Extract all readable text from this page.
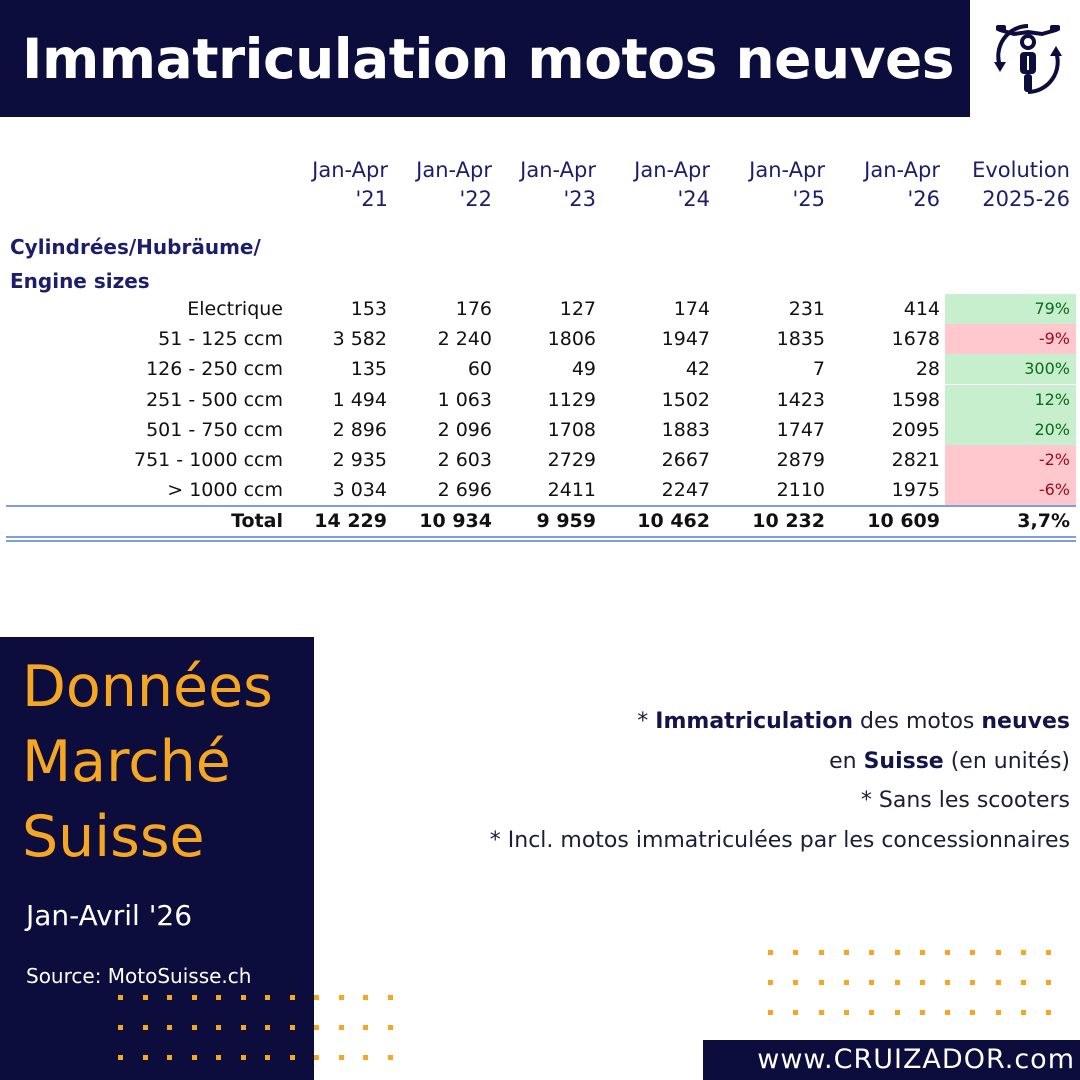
Immatriculation motos neuves
Jan-Apr
'21
Jan-Apr
'22
Jan-Apr
'23
Jan-Apr
'24
Jan-Apr
'25
Jan-Apr
'26
Evolution
2025-26
Cylindrées/Hubräume/
Engine sizes
Electrique	153	176	127	174	231	414	79%
51 - 125 ccm	3 582	2 240	1806	1947	1835	1678	-9%
126 - 250 ccm	135	60	49	42	7	28	300%
251 - 500 ccm	1 494	1 063	1129	1502	1423	1598	12%
501 - 750 ccm	2 896	2 096	1708	1883	1747	2095	20%
751 - 1000 ccm	2 935	2 603	2729	2667	2879	2821	-2%
> 1000 ccm	3 034	2 696	2411	2247	2110	1975	-6%
Total	14 229	10 934	9 959	10 462	10 232	10 609	3,7%
Données
Marché
Suisse
Jan-Avril '26
Source: MotoSuisse.ch
* Immatriculation des motos neuves
en Suisse (en unités)
* Sans les scooters
* Incl. motos immatriculées par les concessionnaires
www.CRUIZADOR.com
